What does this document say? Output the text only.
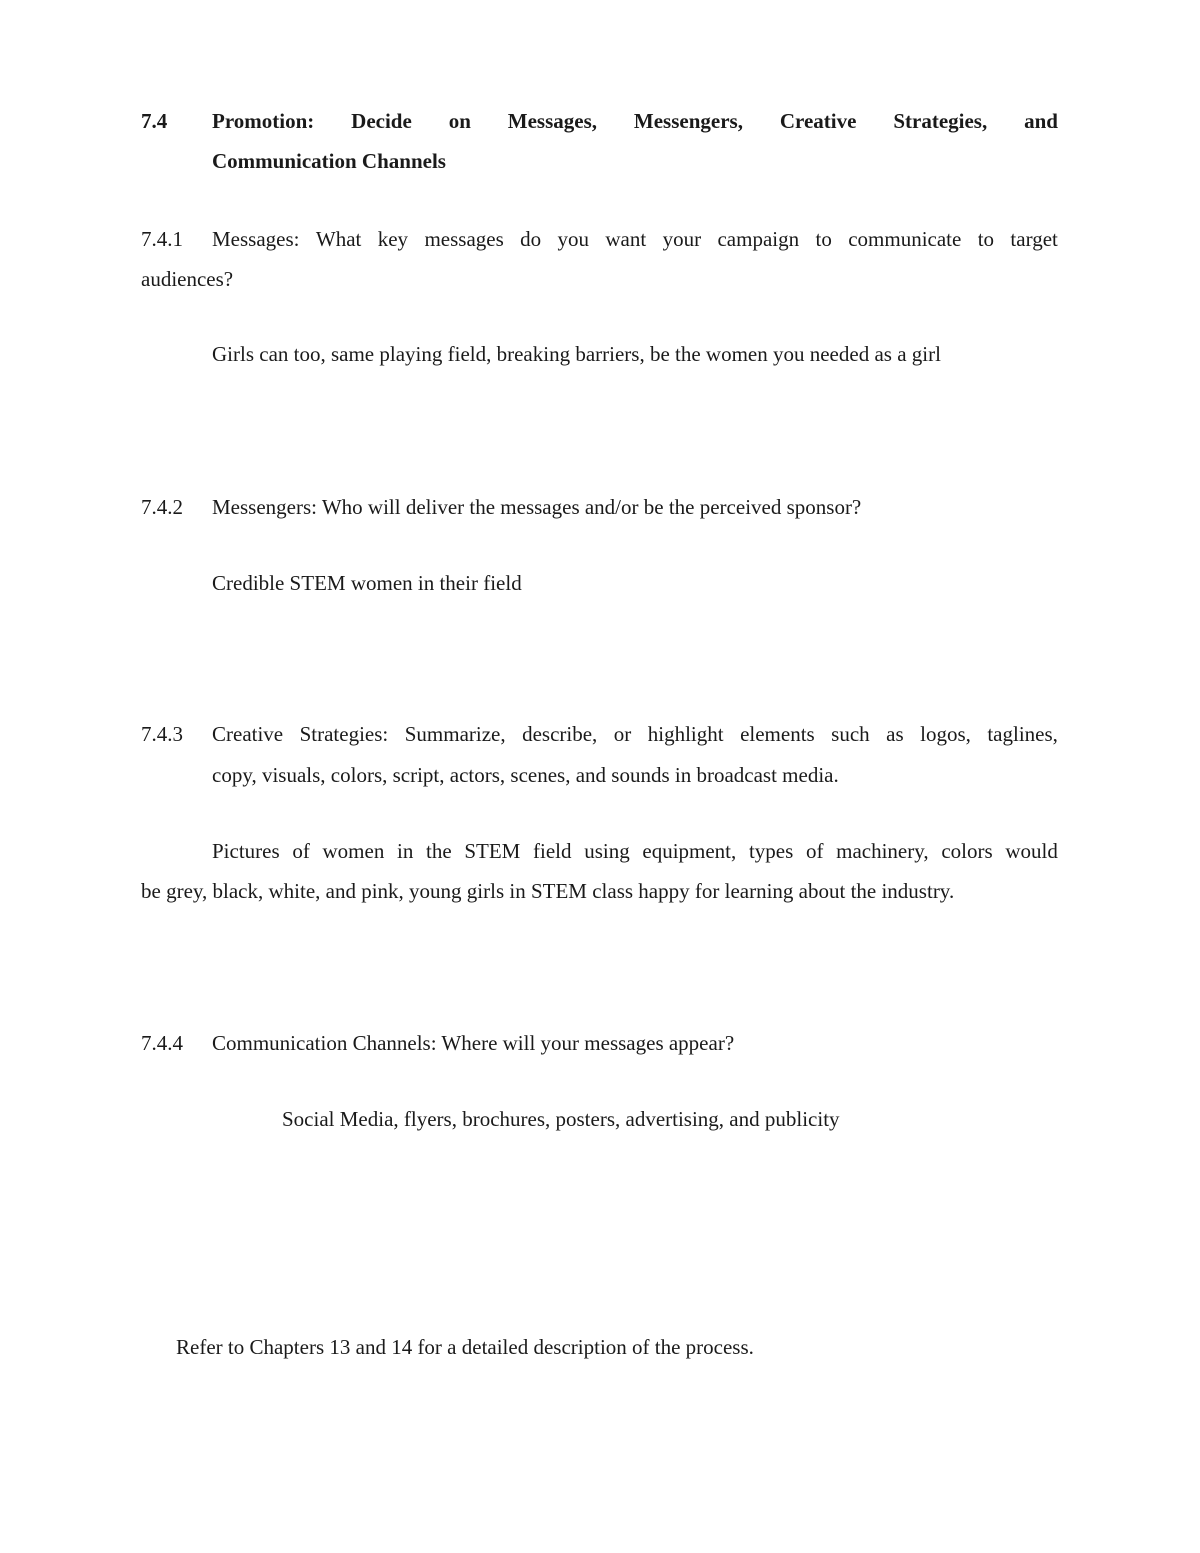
7.4 Promotion: Decide on Messages, Messengers, Creative Strategies, and
Communication Channels
7.4.1 Messages: What key messages do you want your campaign to communicate to target
audiences?
Girls can too, same playing field, breaking barriers, be the women you needed as a girl
7.4.2 Messengers: Who will deliver the messages and/or be the perceived sponsor?
Credible STEM women in their field
7.4.3 Creative Strategies: Summarize, describe, or highlight elements such as logos, taglines,
copy, visuals, colors, script, actors, scenes, and sounds in broadcast media.
Pictures of women in the STEM field using equipment, types of machinery, colors would
be grey, black, white, and pink, young girls in STEM class happy for learning about the industry.
7.4.4 Communication Channels: Where will your messages appear?
Social Media, flyers, brochures, posters, advertising, and publicity
Refer to Chapters 13 and 14 for a detailed description of the process.
